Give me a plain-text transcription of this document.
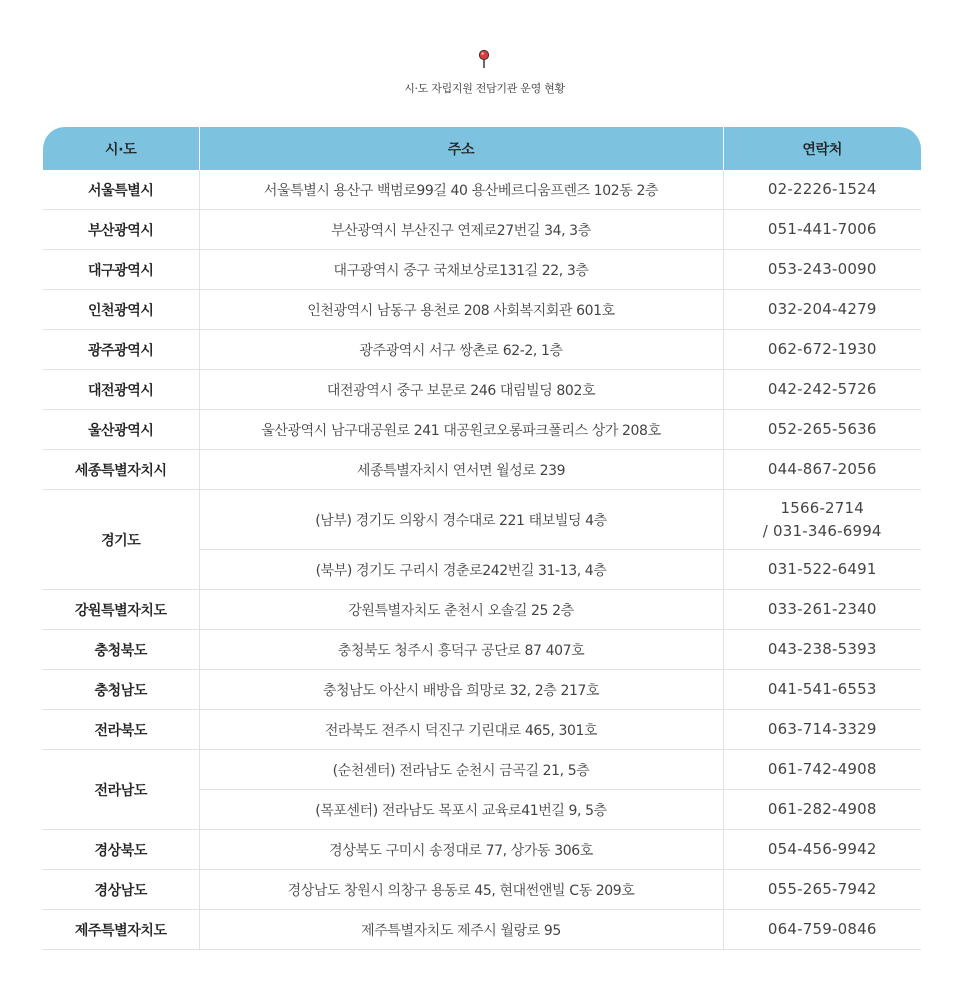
시·도 자립지원 전담기관 운영 현황
시·도	주소	연락처
서울특별시	서울특별시 용산구 백범로99길 40 용산베르디움프렌즈 102동 2층	02-2226-1524
부산광역시	부산광역시 부산진구 연제로27번길 34, 3층	051-441-7006
대구광역시	대구광역시 중구 국채보상로131길 22, 3층	053-243-0090
인천광역시	인천광역시 남동구 용천로 208 사회복지회관 601호	032-204-4279
광주광역시	광주광역시 서구 쌍촌로 62-2, 1층	062-672-1930
대전광역시	대전광역시 중구 보문로 246 대림빌딩 802호	042-242-5726
울산광역시	울산광역시 남구대공원로 241 대공원코오롱파크폴리스 상가 208호	052-265-5636
세종특별자치시	세종특별자치시 연서면 월성로 239	044-867-2056
경기도	(남부) 경기도 의왕시 경수대로 221 태보빌딩 4층	1566-2714
/ 031-346-6994
	(북부) 경기도 구리시 경춘로242번길 31-13, 4층	031-522-6491
강원특별자치도	강원특별자치도 춘천시 오솔길 25 2층	033-261-2340
충청북도	충청북도 청주시 흥덕구 공단로 87 407호	043-238-5393
충청남도	충청남도 아산시 배방읍 희망로 32, 2층 217호	041-541-6553
전라북도	전라북도 전주시 덕진구 기린대로 465, 301호	063-714-3329
전라남도	(순천센터) 전라남도 순천시 금곡길 21, 5층	061-742-4908
	(목포센터) 전라남도 목포시 교육로41번길 9, 5층	061-282-4908
경상북도	경상북도 구미시 송정대로 77, 상가동 306호	054-456-9942
경상남도	경상남도 창원시 의창구 용동로 45, 현대썬앤빌 C동 209호	055-265-7942
제주특별자치도	제주특별자치도 제주시 월랑로 95	064-759-0846
